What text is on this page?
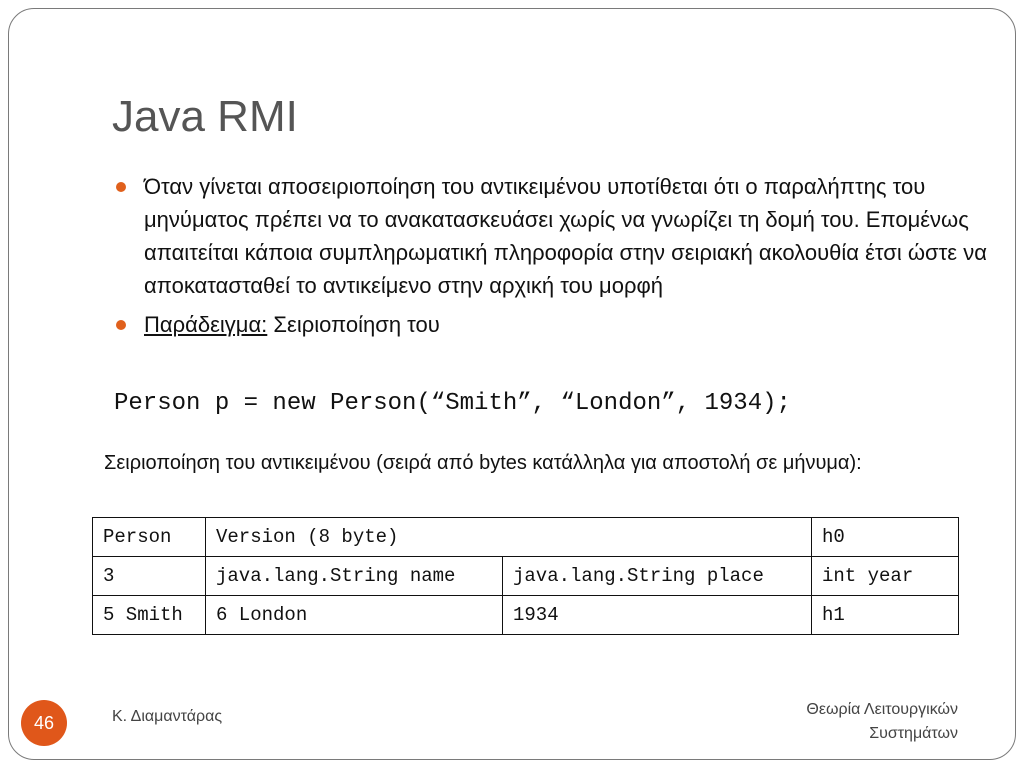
Java RMI
Όταν γίνεται αποσειριοποίηση του αντικειμένου υποτίθεται ότι ο παραλήπτης του μηνύματος πρέπει να το ανακατασκευάσει χωρίς να γνωρίζει τη δομή του. Επομένως απαιτείται κάποια συμπληρωματική πληροφορία στην σειριακή ακολουθία έτσι ώστε να αποκατασταθεί το αντικείμενο στην αρχική του μορφή
Παράδειγμα: Σειριοποίηση του
Person p = new Person(“Smith”, “London”, 1934);
Σειριοποίηση του αντικειμένου (σειρά από bytes κατάλληλα για αποστολή σε μήνυμα):
Person	Version (8 byte)		h0
3	java.lang.String name	java.lang.String place	int year
5 Smith	6 London	1934	h1
46	Κ. Διαμαντάρας	Θεωρία Λειτουργικών
Συστημάτων
